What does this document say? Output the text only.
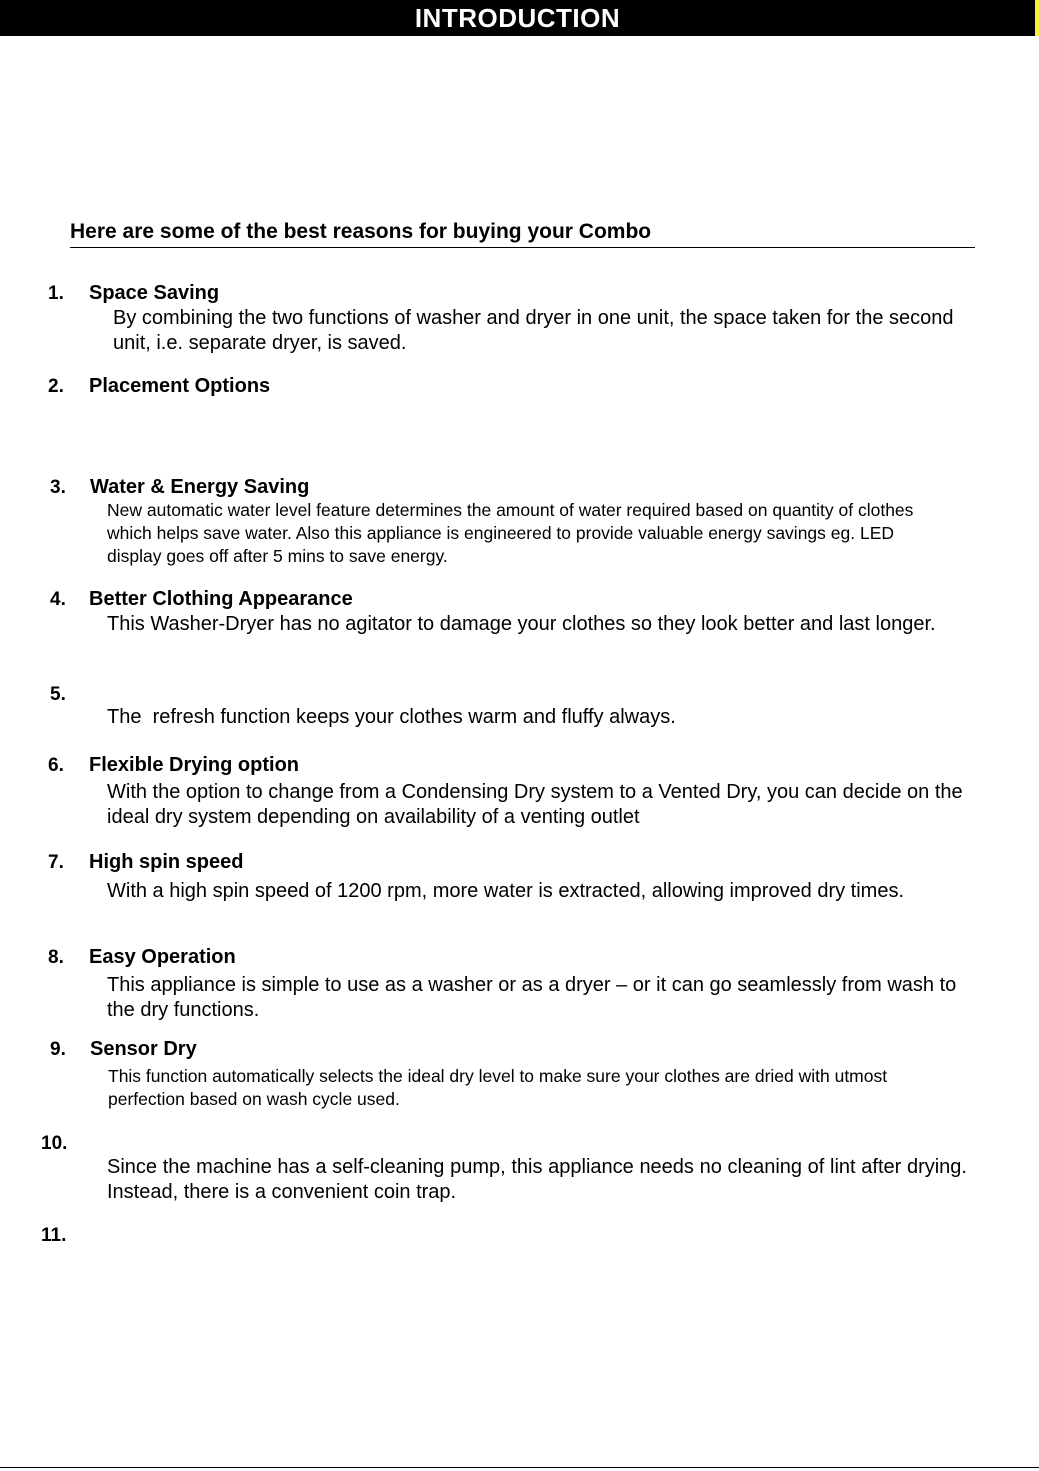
INTRODUCTION
Here are some of the best reasons for buying your Combo
1. Space Saving
By combining the two functions of washer and dryer in one unit, the space taken for the second unit, i.e. separate dryer, is saved.
2. Placement Options
3. Water & Energy Saving
New automatic water level feature determines the amount of water required based on quantity of clothes which helps save water. Also this appliance is engineered to provide valuable energy savings eg. LED display goes off after 5 mins to save energy.
4. Better Clothing Appearance
This Washer-Dryer has no agitator to damage your clothes so they look better and last longer.
5.
The  refresh function keeps your clothes warm and fluffy always.
6. Flexible Drying option
With the option to change from a Condensing Dry system to a Vented Dry, you can decide on the ideal dry system depending on availability of a venting outlet
7. High spin speed
With a high spin speed of 1200 rpm, more water is extracted, allowing improved dry times.
8. Easy Operation
This appliance is simple to use as a washer or as a dryer – or it can go seamlessly from wash to the dry functions.
9. Sensor Dry
This function automatically selects the ideal dry level to make sure your clothes are dried with utmost perfection based on wash cycle used.
10.
Since the machine has a self-cleaning pump, this appliance needs no cleaning of lint after drying. Instead, there is a convenient coin trap.
11.
